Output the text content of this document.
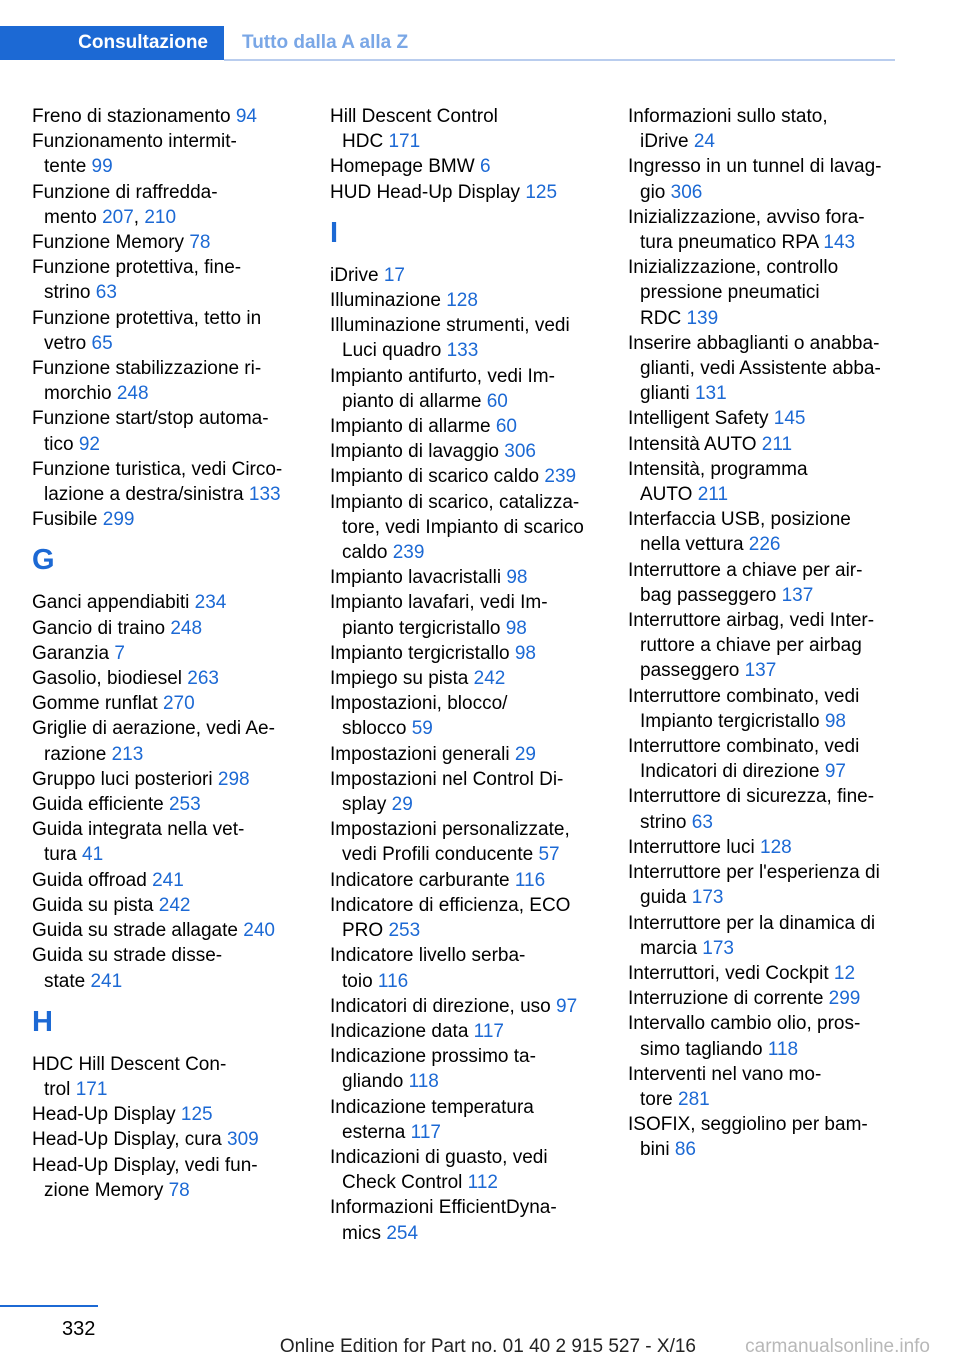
Consultazione	Tutto dalla A alla Z
Freno di stazionamento 94
Funzionamento intermit-
tente 99
Funzione di raffredda-
mento 207, 210
Funzione Memory 78
Funzione protettiva, fine-
strino 63
Funzione protettiva, tetto in
vetro 65
Funzione stabilizzazione ri-
morchio 248
Funzione start/stop automa-
tico 92
Funzione turistica, vedi Circo-
lazione a destra/sinistra 133
Fusibile 299
G
Ganci appendiabiti 234
Gancio di traino 248
Garanzia 7
Gasolio, biodiesel 263
Gomme runflat 270
Griglie di aerazione, vedi Ae-
razione 213
Gruppo luci posteriori 298
Guida efficiente 253
Guida integrata nella vet-
tura 41
Guida offroad 241
Guida su pista 242
Guida su strade allagate 240
Guida su strade disse-
state 241
H
HDC Hill Descent Con-
trol 171
Head-Up Display 125
Head-Up Display, cura 309
Head-Up Display, vedi fun-
zione Memory 78
Hill Descent Control
HDC 171
Homepage BMW 6
HUD Head-Up Display 125
I
iDrive 17
Illuminazione 128
Illuminazione strumenti, vedi
Luci quadro 133
Impianto antifurto, vedi Im-
pianto di allarme 60
Impianto di allarme 60
Impianto di lavaggio 306
Impianto di scarico caldo 239
Impianto di scarico, catalizza-
tore, vedi Impianto di scarico
caldo 239
Impianto lavacristalli 98
Impianto lavafari, vedi Im-
pianto tergicristallo 98
Impianto tergicristallo 98
Impiego su pista 242
Impostazioni, blocco/
sblocco 59
Impostazioni generali 29
Impostazioni nel Control Di-
splay 29
Impostazioni personalizzate,
vedi Profili conducente 57
Indicatore carburante 116
Indicatore di efficienza, ECO
PRO 253
Indicatore livello serba-
toio 116
Indicatori di direzione, uso 97
Indicazione data 117
Indicazione prossimo ta-
gliando 118
Indicazione temperatura
esterna 117
Indicazioni di guasto, vedi
Check Control 112
Informazioni EfficientDyna-
mics 254
Informazioni sullo stato,
iDrive 24
Ingresso in un tunnel di lavag-
gio 306
Inizializzazione, avviso fora-
tura pneumatico RPA 143
Inizializzazione, controllo
pressione pneumatici
RDC 139
Inserire abbaglianti o anabba-
glianti, vedi Assistente abba-
glianti 131
Intelligent Safety 145
Intensità AUTO 211
Intensità, programma
AUTO 211
Interfaccia USB, posizione
nella vettura 226
Interruttore a chiave per air-
bag passeggero 137
Interruttore airbag, vedi Inter-
ruttore a chiave per airbag
passeggero 137
Interruttore combinato, vedi
Impianto tergicristallo 98
Interruttore combinato, vedi
Indicatori di direzione 97
Interruttore di sicurezza, fine-
strino 63
Interruttore luci 128
Interruttore per l'esperienza di
guida 173
Interruttore per la dinamica di
marcia 173
Interruttori, vedi Cockpit 12
Interruzione di corrente 299
Intervallo cambio olio, pros-
simo tagliando 118
Interventi nel vano mo-
tore 281
ISOFIX, seggiolino per bam-
bini 86
332
Online Edition for Part no. 01 40 2 915 527 - X/16	carmanualsonline.info
